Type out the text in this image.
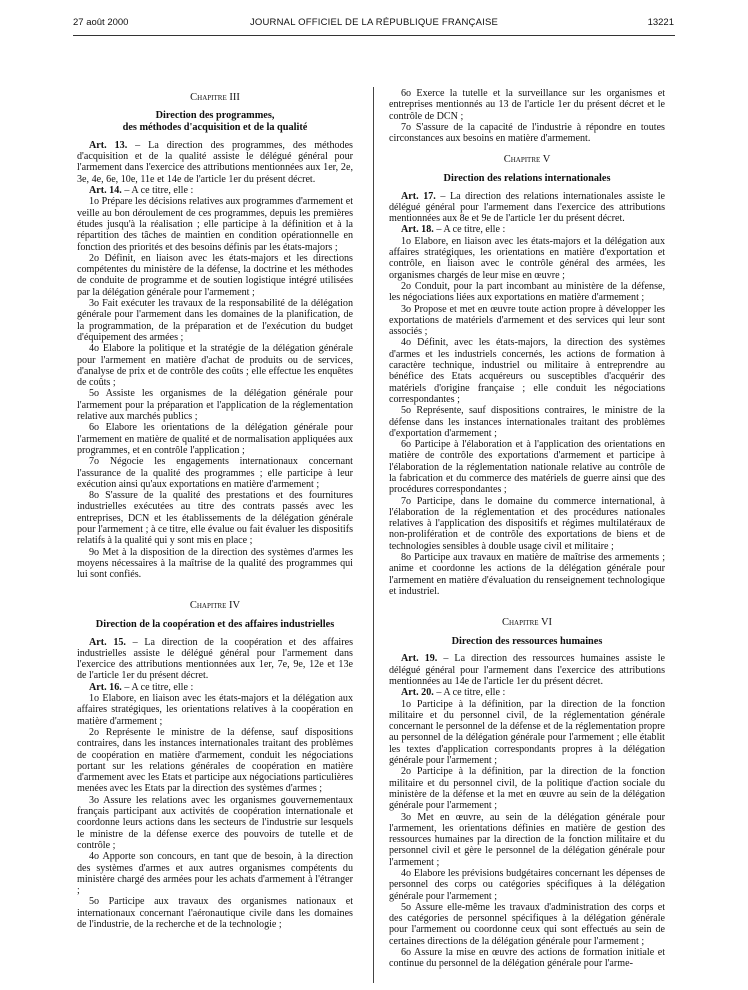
27 août 2000	JOURNAL OFFICIEL DE LA RÉPUBLIQUE FRANÇAISE	13221
Chapitre III
Direction des programmes,
des méthodes d'acquisition et de la qualité

Art. 13. – La direction des programmes, des méthodes d'acquisition et de la qualité assiste le délégué général pour l'armement dans l'exercice des attributions mentionnées aux 1er, 2e, 3e, 4e, 6e, 10e, 11e et 14e de l'article 1er du présent décret.

Art. 14. – A ce titre, elle :

1o Prépare les décisions relatives aux programmes d'armement et veille au bon déroulement de ces programmes, depuis les premières études jusqu'à la réalisation ; elle participe à la définition et à la répartition des tâches de maintien en condition opérationnelle en fonction des priorités et des besoins définis par les états-majors ;

2o Définit, en liaison avec les états-majors et les directions compétentes du ministère de la défense, la doctrine et les méthodes de conduite de programme et de soutien logistique intégré utilisées par la délégation générale pour l'armement ;

3o Fait exécuter les travaux de la responsabilité de la délégation générale pour l'armement dans les domaines de la planification, de la programmation, de la préparation et de l'exécution du budget d'équipement des armées ;

4o Elabore la politique et la stratégie de la délégation générale pour l'armement en matière d'achat de produits ou de services, d'analyse de prix et de contrôle des coûts ; elle effectue les enquêtes de coûts ;

5o Assiste les organismes de la délégation générale pour l'armement pour la préparation et l'application de la réglementation relative aux marchés publics ;

6o Elabore les orientations de la délégation générale pour l'armement en matière de qualité et de normalisation appliquées aux programmes, et en contrôle l'application ;

7o Négocie les engagements internationaux concernant l'assurance de la qualité des programmes ; elle participe à leur exécution ainsi qu'aux exportations en matière d'armement ;

8o S'assure de la qualité des prestations et des fournitures industrielles exécutées au titre des contrats passés avec les entreprises, DCN et les établissements de la délégation générale pour l'armement ; à ce titre, elle évalue ou fait évaluer les dispositifs relatifs à la qualité qui y sont mis en place ;

9o Met à la disposition de la direction des systèmes d'armes les moyens nécessaires à la maîtrise de la qualité des programmes qui lui sont confiés.

Chapitre IV
Direction de la coopération et des affaires industrielles

Art. 15. – La direction de la coopération et des affaires industrielles assiste le délégué général pour l'armement dans l'exercice des attributions mentionnées aux 1er, 7e, 9e, 12e et 13e de l'article 1er du présent décret.

Art. 16. – A ce titre, elle :

1o Elabore, en liaison avec les états-majors et la délégation aux affaires stratégiques, les orientations relatives à la coopération en matière d'armement ;

2o Représente le ministre de la défense, sauf dispositions contraires, dans les instances internationales traitant des problèmes de coopération en matière d'armement, conduit les négociations portant sur les relations générales de coopération en matière d'armement avec les Etats et participe aux négociations particulières menées avec les Etats par la direction des systèmes d'armes ;

3o Assure les relations avec les organismes gouvernementaux français participant aux activités de coopération internationale et coordonne leurs actions dans les secteurs de l'industrie sur lesquels le ministre de la défense exerce des pouvoirs de tutelle et de contrôle ;

4o Apporte son concours, en tant que de besoin, à la direction des systèmes d'armes et aux autres organismes compétents du ministère chargé des armées pour les achats d'armement à l'étranger ;

5o Participe aux travaux des organismes nationaux et internationaux concernant l'aéronautique civile dans les domaines de l'industrie, de la recherche et de la technologie ;

6o Exerce la tutelle et la surveillance sur les organismes et entreprises mentionnés au 13 de l'article 1er du présent décret et le contrôle de DCN ;

7o S'assure de la capacité de l'industrie à répondre en toutes circonstances aux besoins en matière d'armement.

Chapitre V
Direction des relations internationales

Art. 17. – La direction des relations internationales assiste le délégué général pour l'armement dans l'exercice des attributions mentionnées aux 8e et 9e de l'article 1er du présent décret.

Art. 18. – A ce titre, elle :

1o Elabore, en liaison avec les états-majors et la délégation aux affaires stratégiques, les orientations en matière d'exportation et contrôle, en liaison avec le contrôle général des armées, les organismes chargés de leur mise en œuvre ;

2o Conduit, pour la part incombant au ministère de la défense, les négociations liées aux exportations en matière d'armement ;

3o Propose et met en œuvre toute action propre à développer les exportations de matériels d'armement et des services qui leur sont associés ;

4o Définit, avec les états-majors, la direction des systèmes d'armes et les industriels concernés, les actions de formation à caractère technique, industriel ou militaire à entreprendre au bénéfice des Etats acquéreurs ou susceptibles d'acquérir des matériels d'origine française ; elle conduit les négociations correspondantes ;

5o Représente, sauf dispositions contraires, le ministre de la défense dans les instances internationales traitant des problèmes d'exportation d'armement ;

6o Participe à l'élaboration et à l'application des orientations en matière de contrôle des exportations d'armement et participe à l'élaboration de la réglementation nationale relative au contrôle de la fabrication et du commerce des matériels de guerre ainsi que des procédures correspondantes ;

7o Participe, dans le domaine du commerce international, à l'élaboration de la réglementation et des procédures nationales relatives à l'application des dispositifs et régimes multilatéraux de non-prolifération et de contrôle des exportations de biens et de technologies sensibles à double usage civil et militaire ;

8o Participe aux travaux en matière de maîtrise des armements ; anime et coordonne les actions de la délégation générale pour l'armement en matière d'évaluation du renseignement technologique et industriel.

Chapitre VI
Direction des ressources humaines

Art. 19. – La direction des ressources humaines assiste le délégué général pour l'armement dans l'exercice des attributions mentionnées au 14e de l'article 1er du présent décret.

Art. 20. – A ce titre, elle :

1o Participe à la définition, par la direction de la fonction militaire et du personnel civil, de la réglementation générale concernant le personnel de la défense et de la réglementation propre au personnel de la délégation générale pour l'armement ; elle établit les textes d'application correspondants propres à la délégation générale pour l'armement ;

2o Participe à la définition, par la direction de la fonction militaire et du personnel civil, de la politique d'action sociale du ministère de la défense et la met en œuvre au sein de la délégation générale pour l'armement ;

3o Met en œuvre, au sein de la délégation générale pour l'armement, les orientations définies en matière de gestion des ressources humaines par la direction de la fonction militaire et du personnel civil et gère le personnel de la délégation générale pour l'armement ;

4o Elabore les prévisions budgétaires concernant les dépenses de personnel des corps ou catégories spécifiques à la délégation générale pour l'armement ;

5o Assure elle-même les travaux d'administration des corps et des catégories de personnel spécifiques à la délégation générale pour l'armement ou coordonne ceux qui sont effectués au sein de certaines directions de la délégation générale pour l'armement ;

6o Assure la mise en œuvre des actions de formation initiale et continue du personnel de la délégation générale pour l'arme-
